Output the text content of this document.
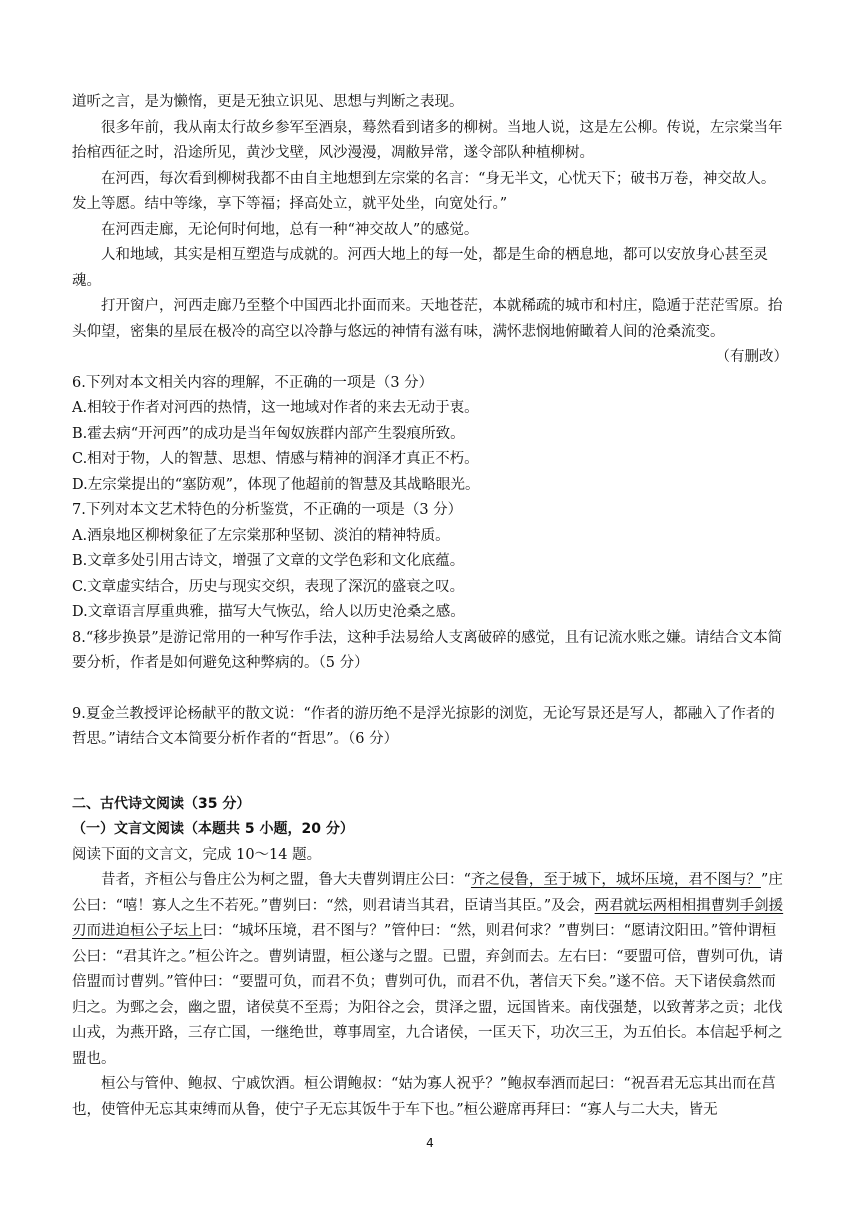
道听之言，是为懒惰，更是无独立识见、思想与判断之表现。

很多年前，我从南太行故乡参军至酒泉，蓦然看到诸多的柳树。当地人说，这是左公柳。传说，左宗棠当年抬棺西征之时，沿途所见，黄沙戈壁，风沙漫漫，凋敝异常，遂令部队种植柳树。

在河西，每次看到柳树我都不由自主地想到左宗棠的名言：“身无半文，心忧天下；破书万卷，神交故人。发上等愿。结中等缘，享下等福；择高处立，就平处坐，向宽处行。”

在河西走廊，无论何时何地，总有一种“神交故人”的感觉。

人和地域，其实是相互塑造与成就的。河西大地上的每一处，都是生命的栖息地，都可以安放身心甚至灵魂。

打开窗户，河西走廊乃至整个中国西北扑面而来。天地苍茫，本就稀疏的城市和村庄，隐遁于茫茫雪原。抬头仰望，密集的星辰在极冷的高空以冷静与悠远的神情有滋有味，满怀悲悯地俯瞰着人间的沧桑流变。

（有删改）

6.下列对本文相关内容的理解，不正确的一项是（3 分）

A.相较于作者对河西的热情，这一地域对作者的来去无动于衷。

B.霍去病“开河西”的成功是当年匈奴族群内部产生裂痕所致。

C.相对于物，人的智慧、思想、情感与精神的润泽才真正不朽。

D.左宗棠提出的“塞防观”，体现了他超前的智慧及其战略眼光。

7.下列对本文艺术特色的分析鉴赏，不正确的一项是（3 分）

A.酒泉地区柳树象征了左宗棠那种坚韧、淡泊的精神特质。

B.文章多处引用古诗文，增强了文章的文学色彩和文化底蕴。

C.文章虚实结合，历史与现实交织，表现了深沉的盛衰之叹。

D.文章语言厚重典雅，描写大气恢弘，给人以历史沧桑之感。

8.“移步换景”是游记常用的一种写作手法，这种手法易给人支离破碎的感觉，且有记流水账之嫌。请结合文本简要分析，作者是如何避免这种弊病的。（5 分）

9.夏金兰教授评论杨献平的散文说：“作者的游历绝不是浮光掠影的浏览，无论写景还是写人，都融入了作者的哲思。”请结合文本简要分析作者的“哲思”。（6 分）

二、古代诗文阅读（35 分）

（一）文言文阅读（本题共 5 小题，20 分）

阅读下面的文言文，完成 10～14 题。

昔者，齐桓公与鲁庄公为柯之盟，鲁大夫曹刿谓庄公曰：“齐之侵鲁，至于城下，城坏压境，君不图与？”庄公曰：“嘻！寡人之生不若死。”曹刿曰：“然，则君请当其君，臣请当其臣。”及会，两君就坛两相相揖曹刿手剑援刃而进迫桓公子坛上曰：“城坏压境，君不图与？”管仲曰：“然，则君何求？”曹刿曰：“愿请汶阳田。”管仲谓桓公曰：“君其许之。”桓公许之。曹刿请盟，桓公遂与之盟。已盟，弃剑而去。左右曰：“要盟可倍，曹刿可仇，请倍盟而讨曹刿。”管仲曰：“要盟可负，而君不负；曹刿可仇，而君不仇，著信天下矣。”遂不倍。天下诸侯翕然而归之。为鄄之会，幽之盟，诸侯莫不至焉；为阳谷之会，贯泽之盟，远国皆来。南伐强楚，以致菁茅之贡；北伐山戎，为燕开路，三存亡国，一继绝世，尊事周室，九合诸侯，一匡天下，功次三王，为五伯长。本信起乎柯之盟也。

桓公与管仲、鲍叔、宁戚饮酒。桓公谓鲍叔：“姑为寡人祝乎？”鲍叔奉酒而起曰：“祝吾君无忘其出而在莒也，使管仲无忘其束缚而从鲁，使宁子无忘其饭牛于车下也。”桓公避席再拜曰：“寡人与二大夫，皆无

4
